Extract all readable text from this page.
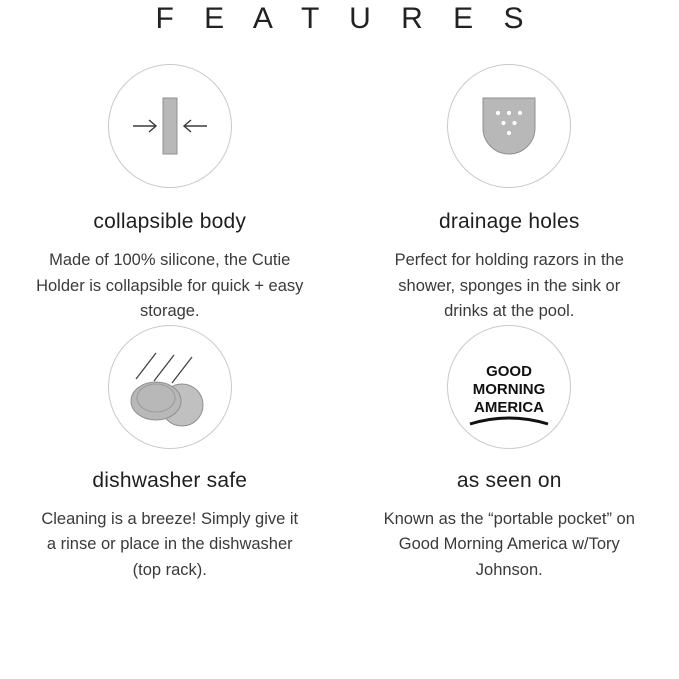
F E A T U R E S
collapsible body

Made of 100% silicone, the Cutie Holder is collapsible for quick + easy storage.

drainage holes

Perfect for holding razors in the shower, sponges in the sink or drinks at the pool.

dishwasher safe

Cleaning is a breeze! Simply give it a rinse or place in the dishwasher (top rack).

GOOD
MORNING
AMERICA
as seen on

Known as the “portable pocket” on Good Morning America w/Tory Johnson.
